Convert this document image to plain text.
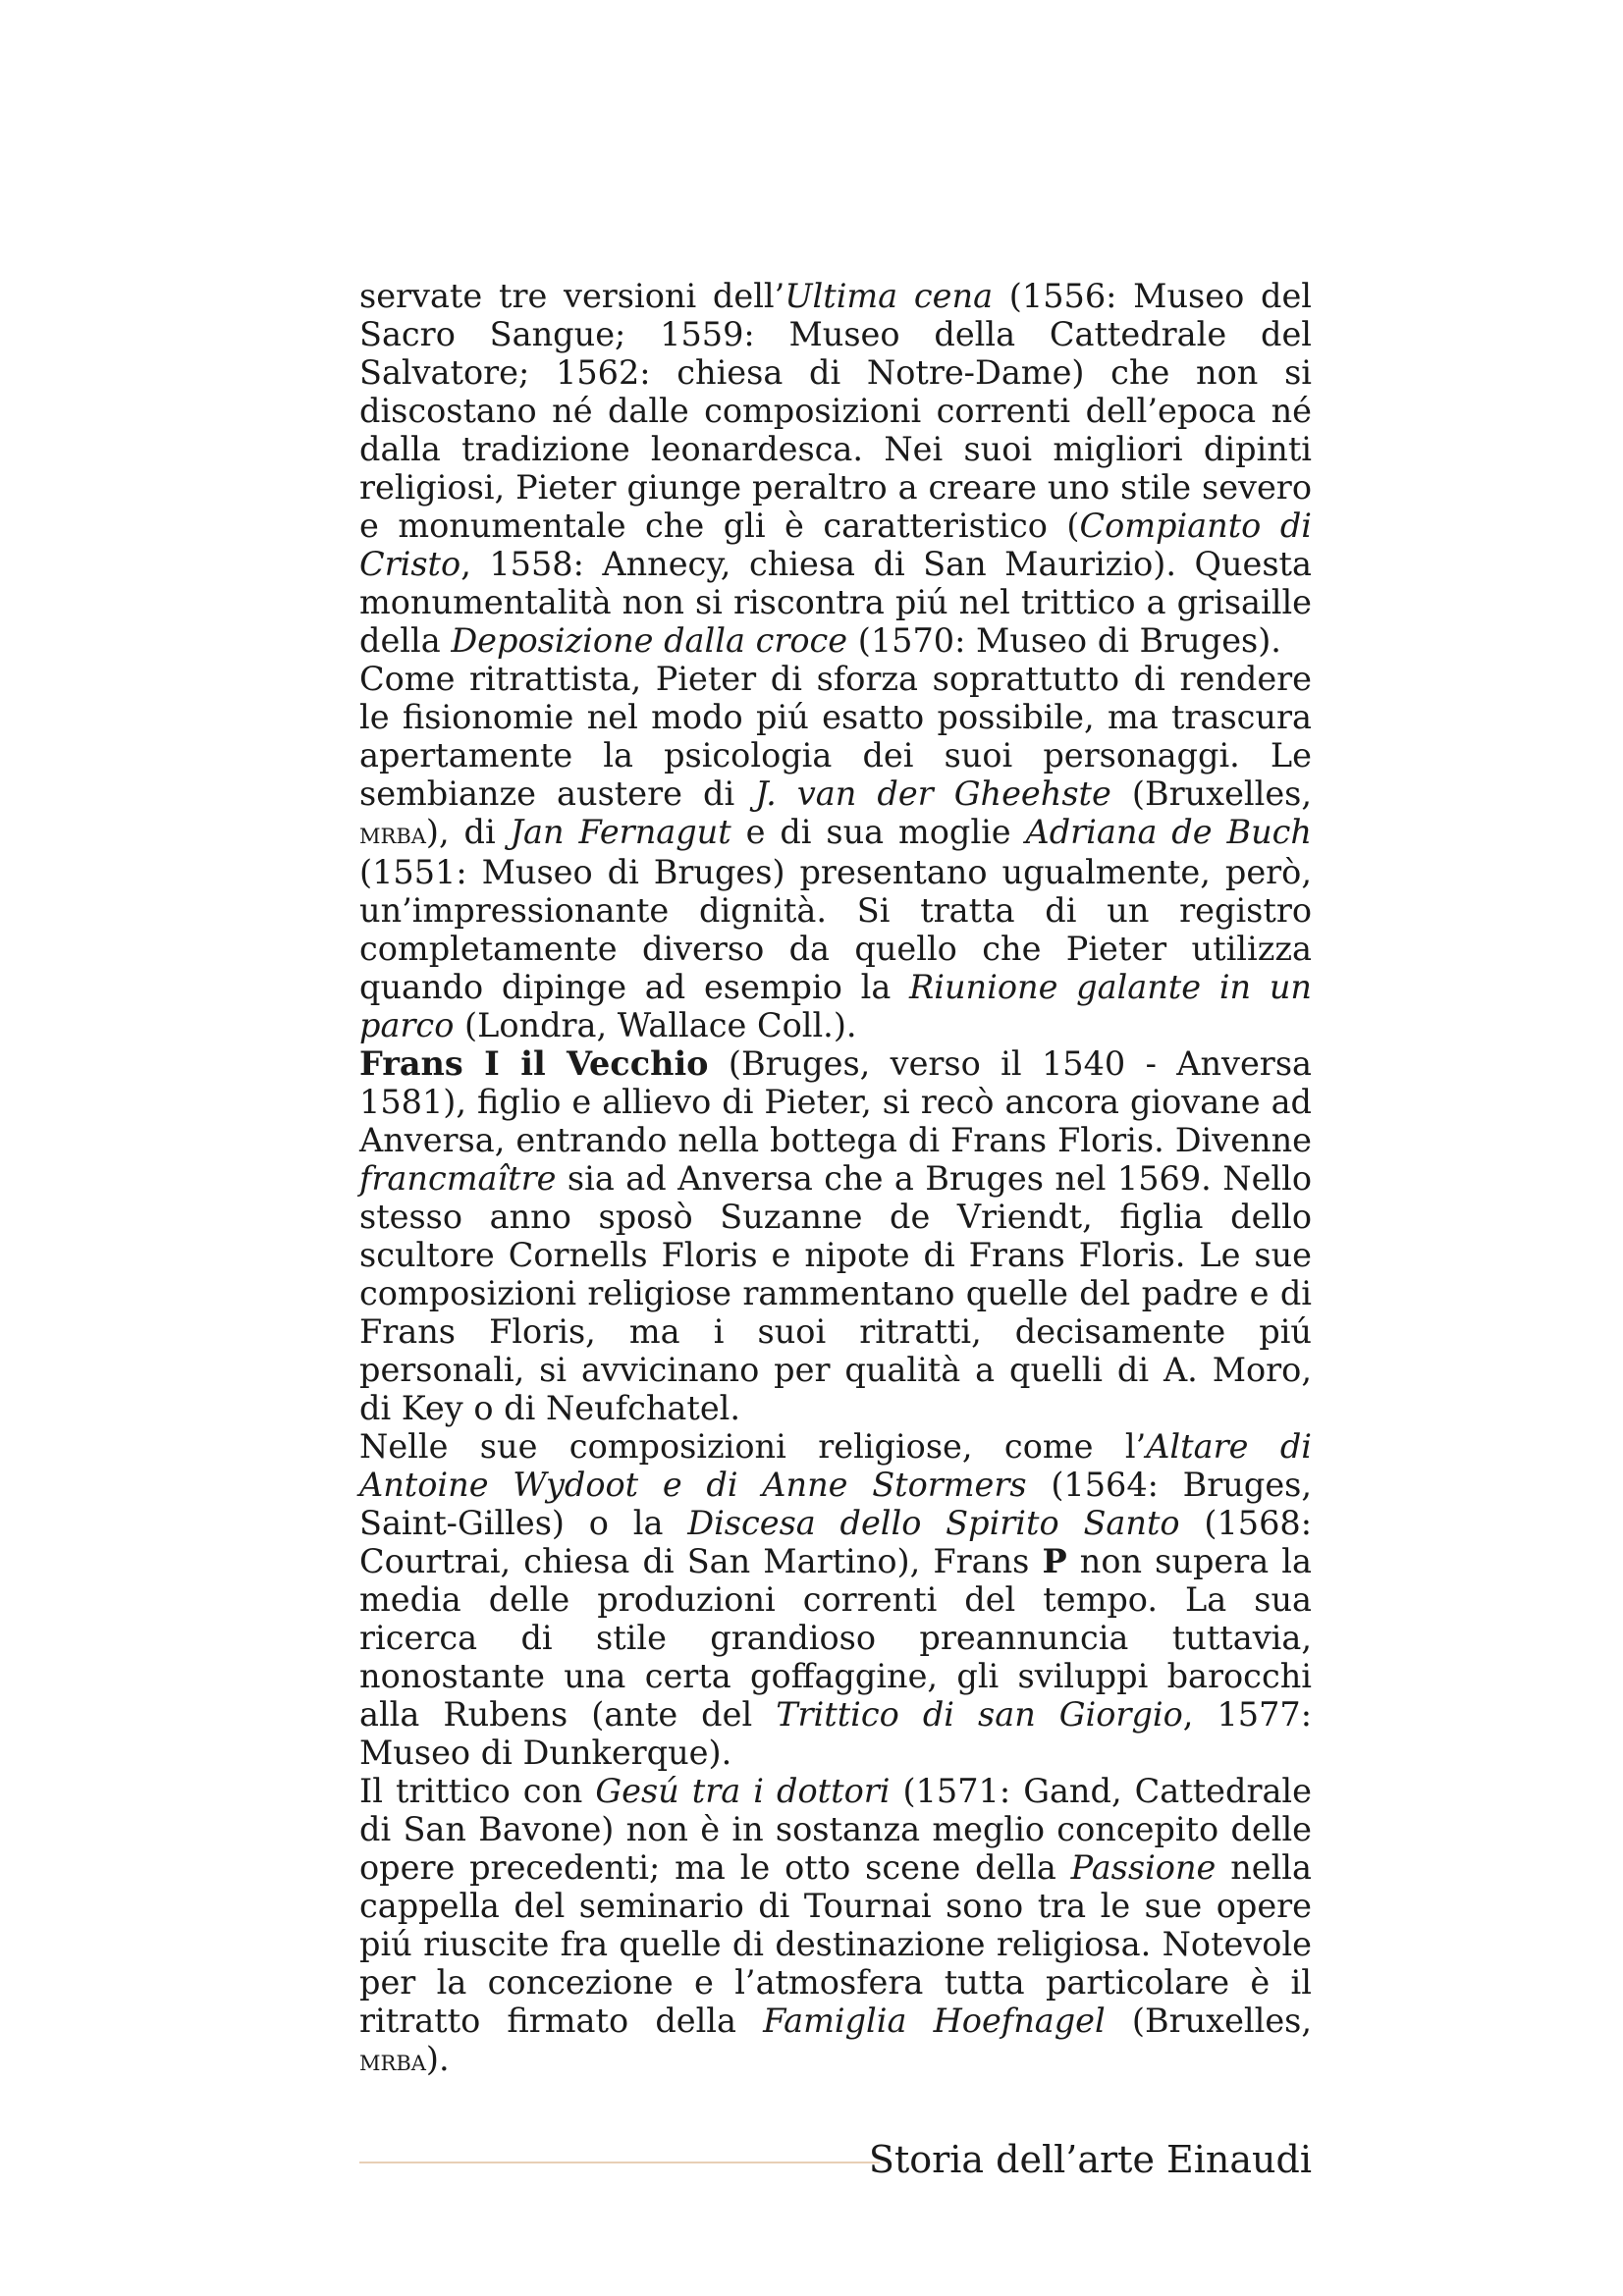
servate tre versioni dell’Ultima cena (1556: Museo del Sacro Sangue; 1559: Museo della Cattedrale del Salvatore; 1562: chiesa di Notre-Dame) che non si discostano né dalle composizioni correnti dell’epoca né dalla tradizione leonardesca. Nei suoi migliori dipinti religiosi, Pieter giunge peraltro a creare uno stile severo e monumentale che gli è caratteristico (Compianto di Cristo, 1558: Annecy, chiesa di San Maurizio). Questa monumentalità non si riscontra piú nel trittico a grisaille della Deposizione dalla croce (1570: Museo di Bruges).

Come ritrattista, Pieter di sforza soprattutto di rendere le fisionomie nel modo piú esatto possibile, ma trascura apertamente la psicologia dei suoi personaggi. Le sembianze austere di J. van der Gheehste (Bruxelles, mrba), di Jan Fernagut e di sua moglie Adriana de Buch (1551: Museo di Bruges) presentano ugualmente, però, un’impressionante dignità. Si tratta di un registro completamente diverso da quello che Pieter utilizza quando dipinge ad esempio la Riunione galante in un parco (Londra, Wallace Coll.).

Frans I il Vecchio (Bruges, verso il 1540 - Anversa 1581), figlio e allievo di Pieter, si recò ancora giovane ad Anversa, entrando nella bottega di Frans Floris. Divenne francmaître sia ad Anversa che a Bruges nel 1569. Nello stesso anno sposò Suzanne de Vriendt, figlia dello scultore Cornells Floris e nipote di Frans Floris. Le sue composizioni religiose rammentano quelle del padre e di Frans Floris, ma i suoi ritratti, decisamente piú personali, si avvicinano per qualità a quelli di A. Moro, di Key o di Neufchatel.

Nelle sue composizioni religiose, come l’Altare di Antoine Wydoot e di Anne Stormers (1564: Bruges, Saint-Gilles) o la Discesa dello Spirito Santo (1568: Courtrai, chiesa di San Martino), Frans P non supera la media delle produzioni correnti del tempo. La sua ricerca di stile grandioso preannuncia tuttavia, nonostante una certa goffaggine, gli sviluppi barocchi alla Rubens (ante del Trittico di san Giorgio, 1577: Museo di Dunkerque).

Il trittico con Gesú tra i dottori (1571: Gand, Cattedrale di San Bavone) non è in sostanza meglio concepito delle opere precedenti; ma le otto scene della Passione nella cappella del seminario di Tournai sono tra le sue opere piú riuscite fra quelle di destinazione religiosa. Notevole per la concezione e l’atmosfera tutta particolare è il ritratto firmato della Famiglia Hoefnagel (Bruxelles, mrba).

Storia dell’arte Einaudi
